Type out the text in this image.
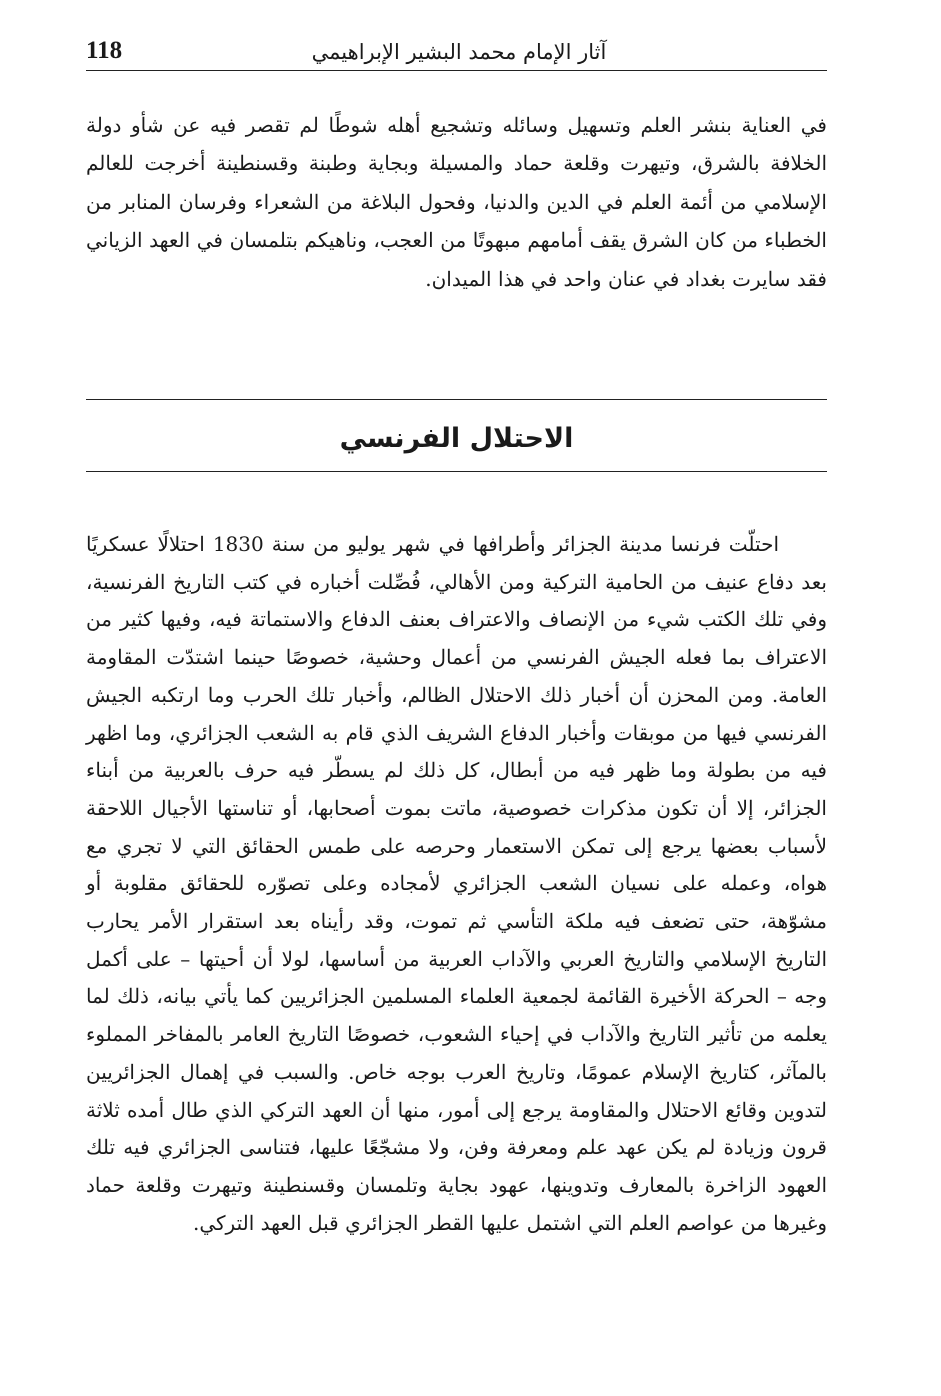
118	آثار الإمام محمد البشير الإبراهيمي

في العناية بنشر العلم وتسهيل وسائله وتشجيع أهله شوطًا لم تقصر فيه عن شأو دولة الخلافة بالشرق، وتيهرت وقلعة حماد والمسيلة وبجاية وطبنة وقسنطينة أخرجت للعالم الإسلامي من أئمة العلم في الدين والدنيا، وفحول البلاغة من الشعراء وفرسان المنابر من الخطباء من كان الشرق يقف أمامهم مبهوتًا من العجب، وناهيكم بتلمسان في العهد الزياني فقد سايرت بغداد في عنان واحد في هذا الميدان.

الاحتلال الفرنسي

احتلّت فرنسا مدينة الجزائر وأطرافها في شهر يوليو من سنة 1830 احتلالًا عسكريًا بعد دفاع عنيف من الحامية التركية ومن الأهالي، فُصِّلت أخباره في كتب التاريخ الفرنسية، وفي تلك الكتب شيء من الإنصاف والاعتراف بعنف الدفاع والاستماتة فيه، وفيها كثير من الاعتراف بما فعله الجيش الفرنسي من أعمال وحشية، خصوصًا حينما اشتدّت المقاومة العامة. ومن المحزن أن أخبار ذلك الاحتلال الظالم، وأخبار تلك الحرب وما ارتكبه الجيش الفرنسي فيها من موبقات وأخبار الدفاع الشريف الذي قام به الشعب الجزائري، وما اظهر فيه من بطولة وما ظهر فيه من أبطال، كل ذلك لم يسطّر فيه حرف بالعربية من أبناء الجزائر، إلا أن تكون مذكرات خصوصية، ماتت بموت أصحابها، أو تناستها الأجيال اللاحقة لأسباب بعضها يرجع إلى تمكن الاستعمار وحرصه على طمس الحقائق التي لا تجري مع هواه، وعمله على نسيان الشعب الجزائري لأمجاده وعلى تصوّره للحقائق مقلوبة أو مشوّهة، حتى تضعف فيه ملكة التأسي ثم تموت، وقد رأيناه بعد استقرار الأمر يحارب التاريخ الإسلامي والتاريخ العربي والآداب العربية من أساسها، لولا أن أحيتها – على أكمل وجه – الحركة الأخيرة القائمة لجمعية العلماء المسلمين الجزائريين كما يأتي بيانه، ذلك لما يعلمه من تأثير التاريخ والآداب في إحياء الشعوب، خصوصًا التاريخ العامر بالمفاخر المملوء بالمآثر، كتاريخ الإسلام عمومًا، وتاريخ العرب بوجه خاص. والسبب في إهمال الجزائريين لتدوين وقائع الاحتلال والمقاومة يرجع إلى أمور، منها أن العهد التركي الذي طال أمده ثلاثة قرون وزيادة لم يكن عهد علم ومعرفة وفن، ولا مشجّعًا عليها، فتناسى الجزائري فيه تلك العهود الزاخرة بالمعارف وتدوينها، عهود بجاية وتلمسان وقسنطينة وتيهرت وقلعة حماد وغيرها من عواصم العلم التي اشتمل عليها القطر الجزائري قبل العهد التركي.
